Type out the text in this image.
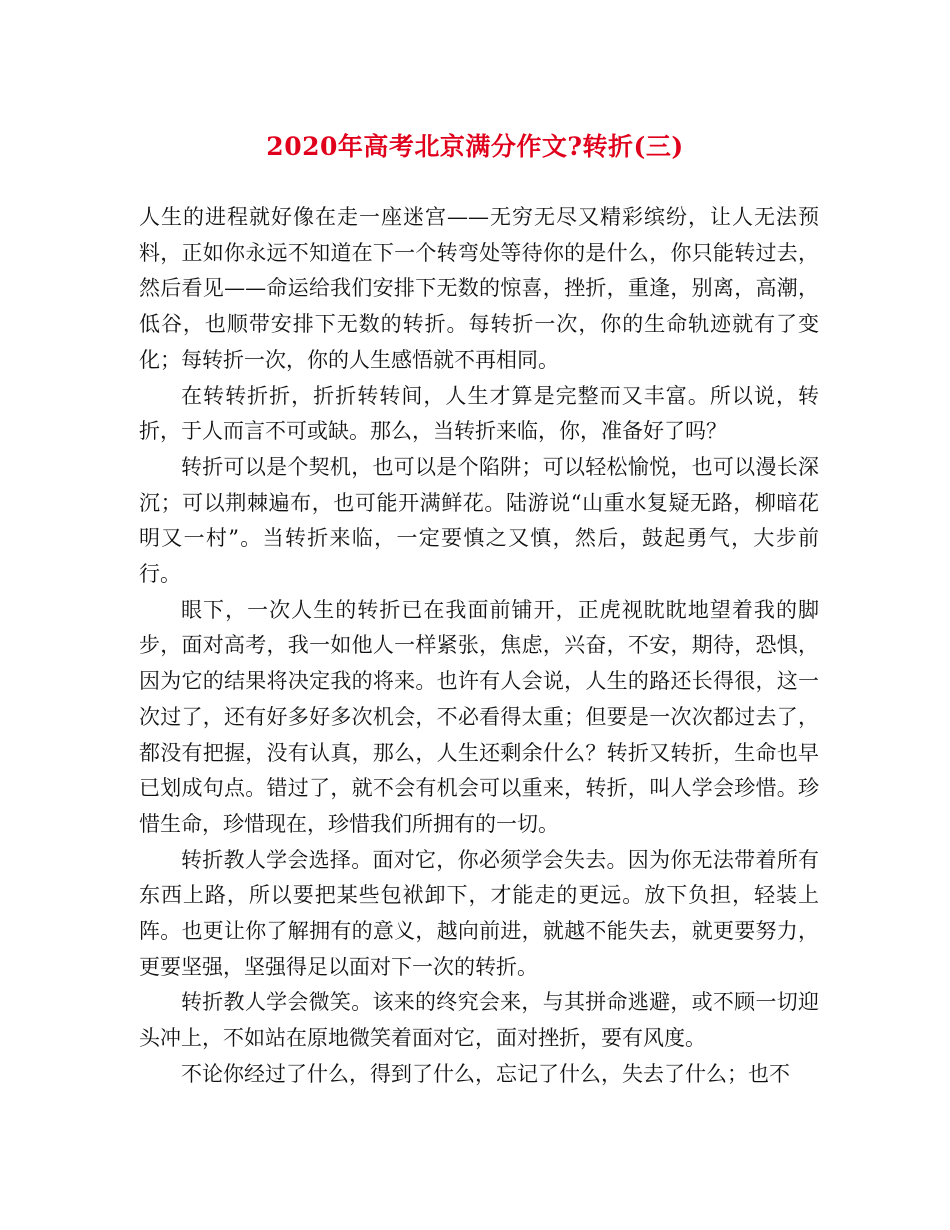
2020年高考北京满分作文?转折(三)

人生的进程就好像在走一座迷宫——无穷无尽又精彩缤纷，让人无法预料，正如你永远不知道在下一个转弯处等待你的是什么，你只能转过去，然后看见——命运给我们安排下无数的惊喜，挫折，重逢，别离，高潮，低谷，也顺带安排下无数的转折。每转折一次，你的生命轨迹就有了变化；每转折一次，你的人生感悟就不再相同。

在转转折折，折折转转间，人生才算是完整而又丰富。所以说，转折，于人而言不可或缺。那么，当转折来临，你，准备好了吗？

转折可以是个契机，也可以是个陷阱；可以轻松愉悦，也可以漫长深沉；可以荆棘遍布，也可能开满鲜花。陆游说“山重水复疑无路，柳暗花明又一村”。当转折来临，一定要慎之又慎，然后，鼓起勇气，大步前行。

眼下，一次人生的转折已在我面前铺开，正虎视眈眈地望着我的脚步，面对高考，我一如他人一样紧张，焦虑，兴奋，不安，期待，恐惧，因为它的结果将决定我的将来。也许有人会说，人生的路还长得很，这一次过了，还有好多好多次机会，不必看得太重；但要是一次次都过去了，都没有把握，没有认真，那么，人生还剩余什么？转折又转折，生命也早已划成句点。错过了，就不会有机会可以重来，转折，叫人学会珍惜。珍惜生命，珍惜现在，珍惜我们所拥有的一切。

转折教人学会选择。面对它，你必须学会失去。因为你无法带着所有东西上路，所以要把某些包袱卸下，才能走的更远。放下负担，轻装上阵。也更让你了解拥有的意义，越向前进，就越不能失去，就更要努力，更要坚强，坚强得足以面对下一次的转折。

转折教人学会微笑。该来的终究会来，与其拼命逃避，或不顾一切迎头冲上，不如站在原地微笑着面对它，面对挫折，要有风度。

不论你经过了什么，得到了什么，忘记了什么，失去了什么；也不
